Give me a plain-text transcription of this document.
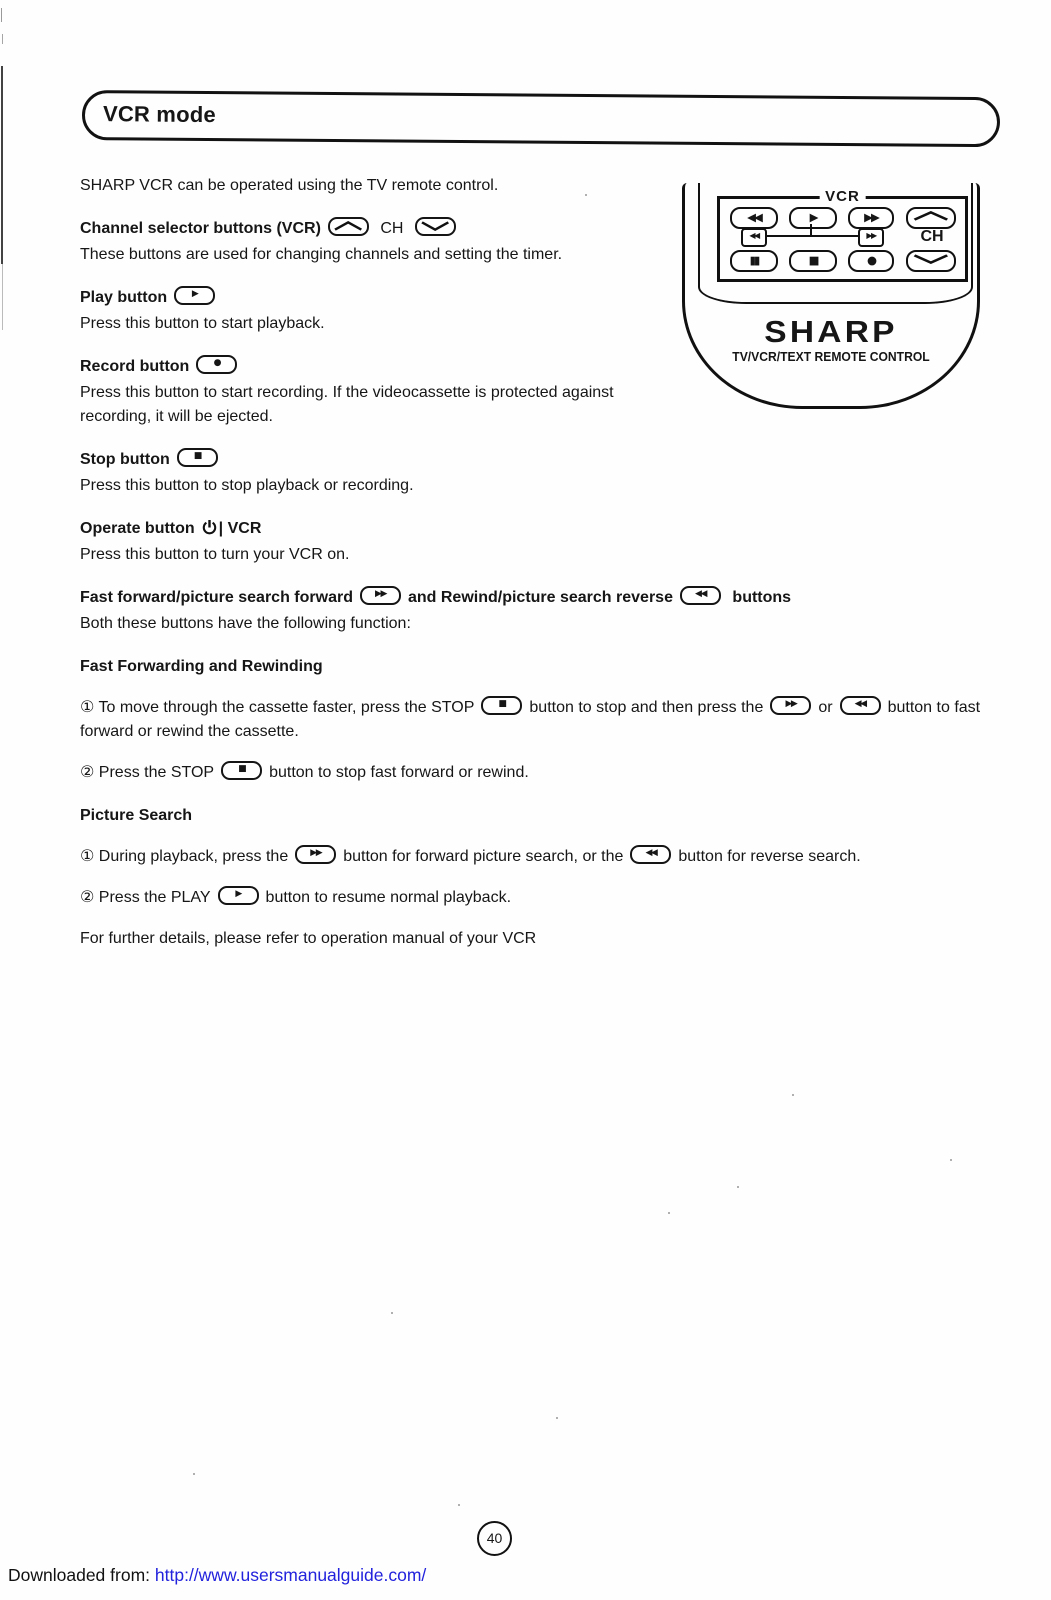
VCR mode
SHARP VCR can be operated using the TV remote control.
Channel selector buttons (VCR)	CH
These buttons are used for changing channels and setting the timer.
Play button	▶
Press this button to start playback.
Record button	●
Press this button to start recording. If the videocassette is protected against recording, it will be ejected.
Stop button	■
Press this button to stop playback or recording.
Operate button | VCR
Press this button to turn your VCR on.
Fast forward/picture search forward	▶▶	and Rewind/picture search reverse	◀◀	buttons
Both these buttons have the following function:
Fast Forwarding and Rewinding
① To move through the cassette faster, press the STOP	■	button to stop and then press the	▶▶	or	◀◀	button to fast forward or rewind the cassette.
② Press the STOP	■	button to stop fast forward or rewind.
Picture Search
① During playback, press the	▶▶	button for forward picture search, or the	◀◀	button for reverse search.
② Press the PLAY	▶	button to resume normal playback.
For further details, please refer to operation manual of your VCR
VCR
◀◀	▶	▶▶
◀◀	▶▶	CH
▮▮	■	●
SHARP
TV/VCR/TEXT REMOTE CONTROL
40
Downloaded from: http://www.usersmanualguide.com/
